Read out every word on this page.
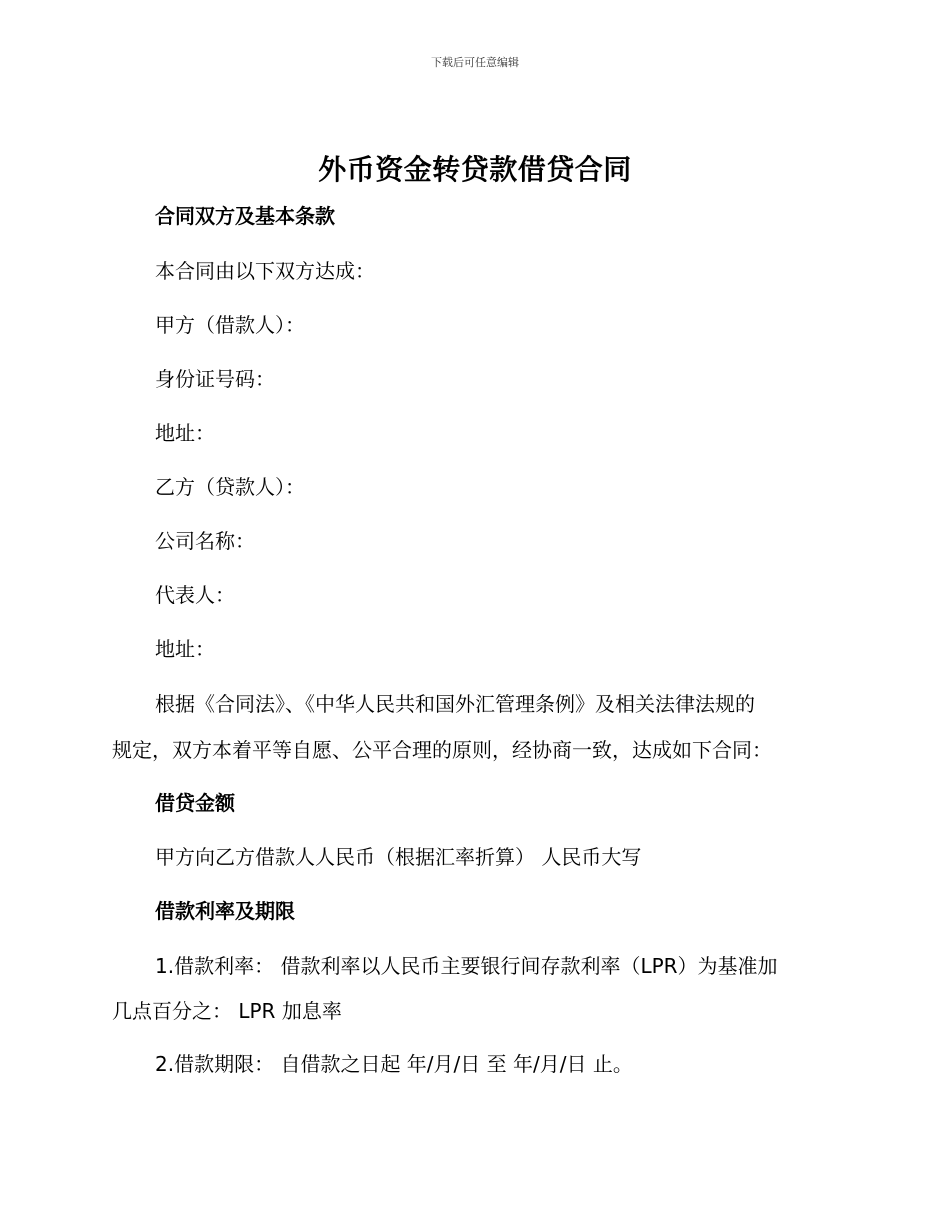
下载后可任意编辑
外币资金转贷款借贷合同
合同双方及基本条款
本合同由以下双方达成：
甲方（借款人）：
身份证号码：
地址：
乙方（贷款人）：
公司名称：
代表人：
地址：
根据《合同法》、《中华人民共和国外汇管理条例》及相关法律法规的
规定，双方本着平等自愿、公平合理的原则，经协商一致，达成如下合同：
借贷金额
甲方向乙方借款人人民币（根据汇率折算） 人民币大写
借款利率及期限
1.借款利率： 借款利率以人民币主要银行间存款利率（LPR）为基准加
几点百分之： LPR 加息率
2.借款期限： 自借款之日起 年/月/日 至 年/月/日 止。
